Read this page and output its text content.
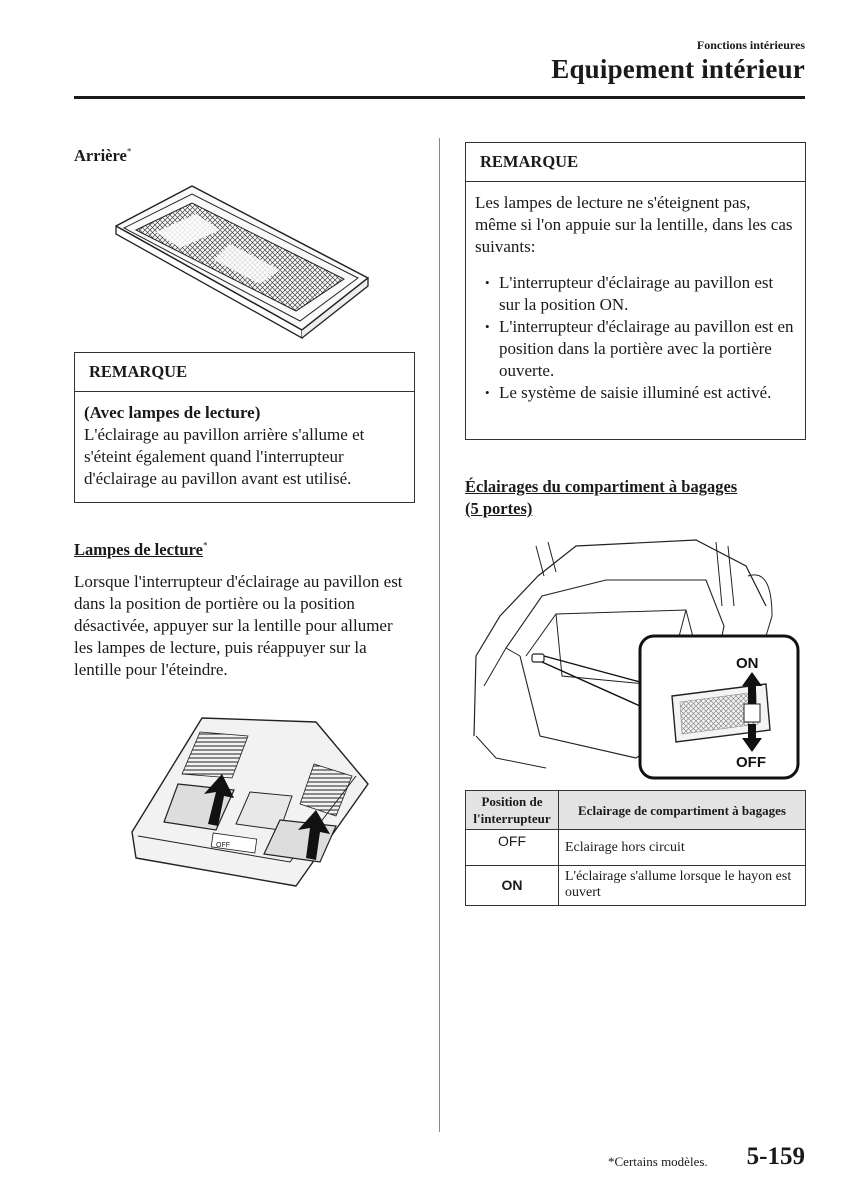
Fonctions intérieures
Equipement intérieur
Arrière*
REMARQUE
(Avec lampes de lecture)
L'éclairage au pavillon arrière s'allume et s'éteint également quand l'interrupteur d'éclairage au pavillon avant est utilisé.
Lampes de lecture*
Lorsque l'interrupteur d'éclairage au pavillon est dans la position de portière ou la position désactivée, appuyer sur la lentille pour allumer les lampes de lecture, puis réappuyer sur la lentille pour l'éteindre.
OFF
REMARQUE
Les lampes de lecture ne s'éteignent pas, même si l'on appuie sur la lentille, dans les cas suivants:
• L'interrupteur d'éclairage au pavillon est sur la position ON.
• L'interrupteur d'éclairage au pavillon est en position dans la portière avec la portière ouverte.
• Le système de saisie illuminé est activé.
Éclairages du compartiment à bagages
(5 portes)
ON
OFF
Position de l'interrupteur	Eclairage de compartiment à bagages
OFF	Eclairage hors circuit
ON	L'éclairage s'allume lorsque le hayon est ouvert
*Certains modèles. 5-159
